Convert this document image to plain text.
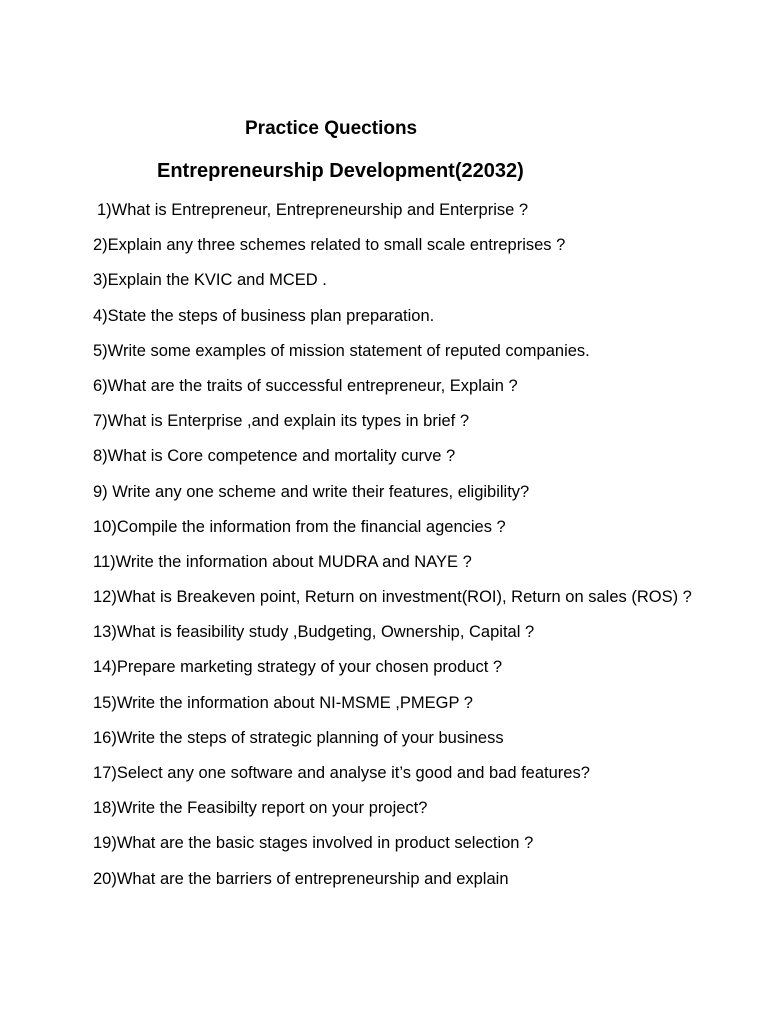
Practice Quections
Entrepreneurship Development(22032)
1)What is Entrepreneur, Entrepreneurship and Enterprise ?
2)Explain any three schemes related to small scale entreprises ?
3)Explain the KVIC and MCED .
4)State the steps of business plan preparation.
5)Write some examples of mission statement of reputed companies.
6)What are the traits of successful entrepreneur, Explain ?
7)What is Enterprise ,and explain its types in brief ?
8)What is Core competence and mortality curve ?
9) Write any one scheme and write their features, eligibility?
10)Compile the information from the financial agencies ?
11)Write the information about MUDRA and NAYE ?
12)What is Breakeven point, Return on investment(ROI), Return on sales (ROS) ?
13)What is feasibility study ,Budgeting, Ownership, Capital ?
14)Prepare marketing strategy of your chosen product ?
15)Write the information about NI-MSME ,PMEGP ?
16)Write the steps of strategic planning of your business
17)Select any one software and analyse it’s good and bad features?
18)Write the Feasibilty report on your project?
19)What are the basic stages involved in product selection ?
20)What are the barriers of entrepreneurship and explain
